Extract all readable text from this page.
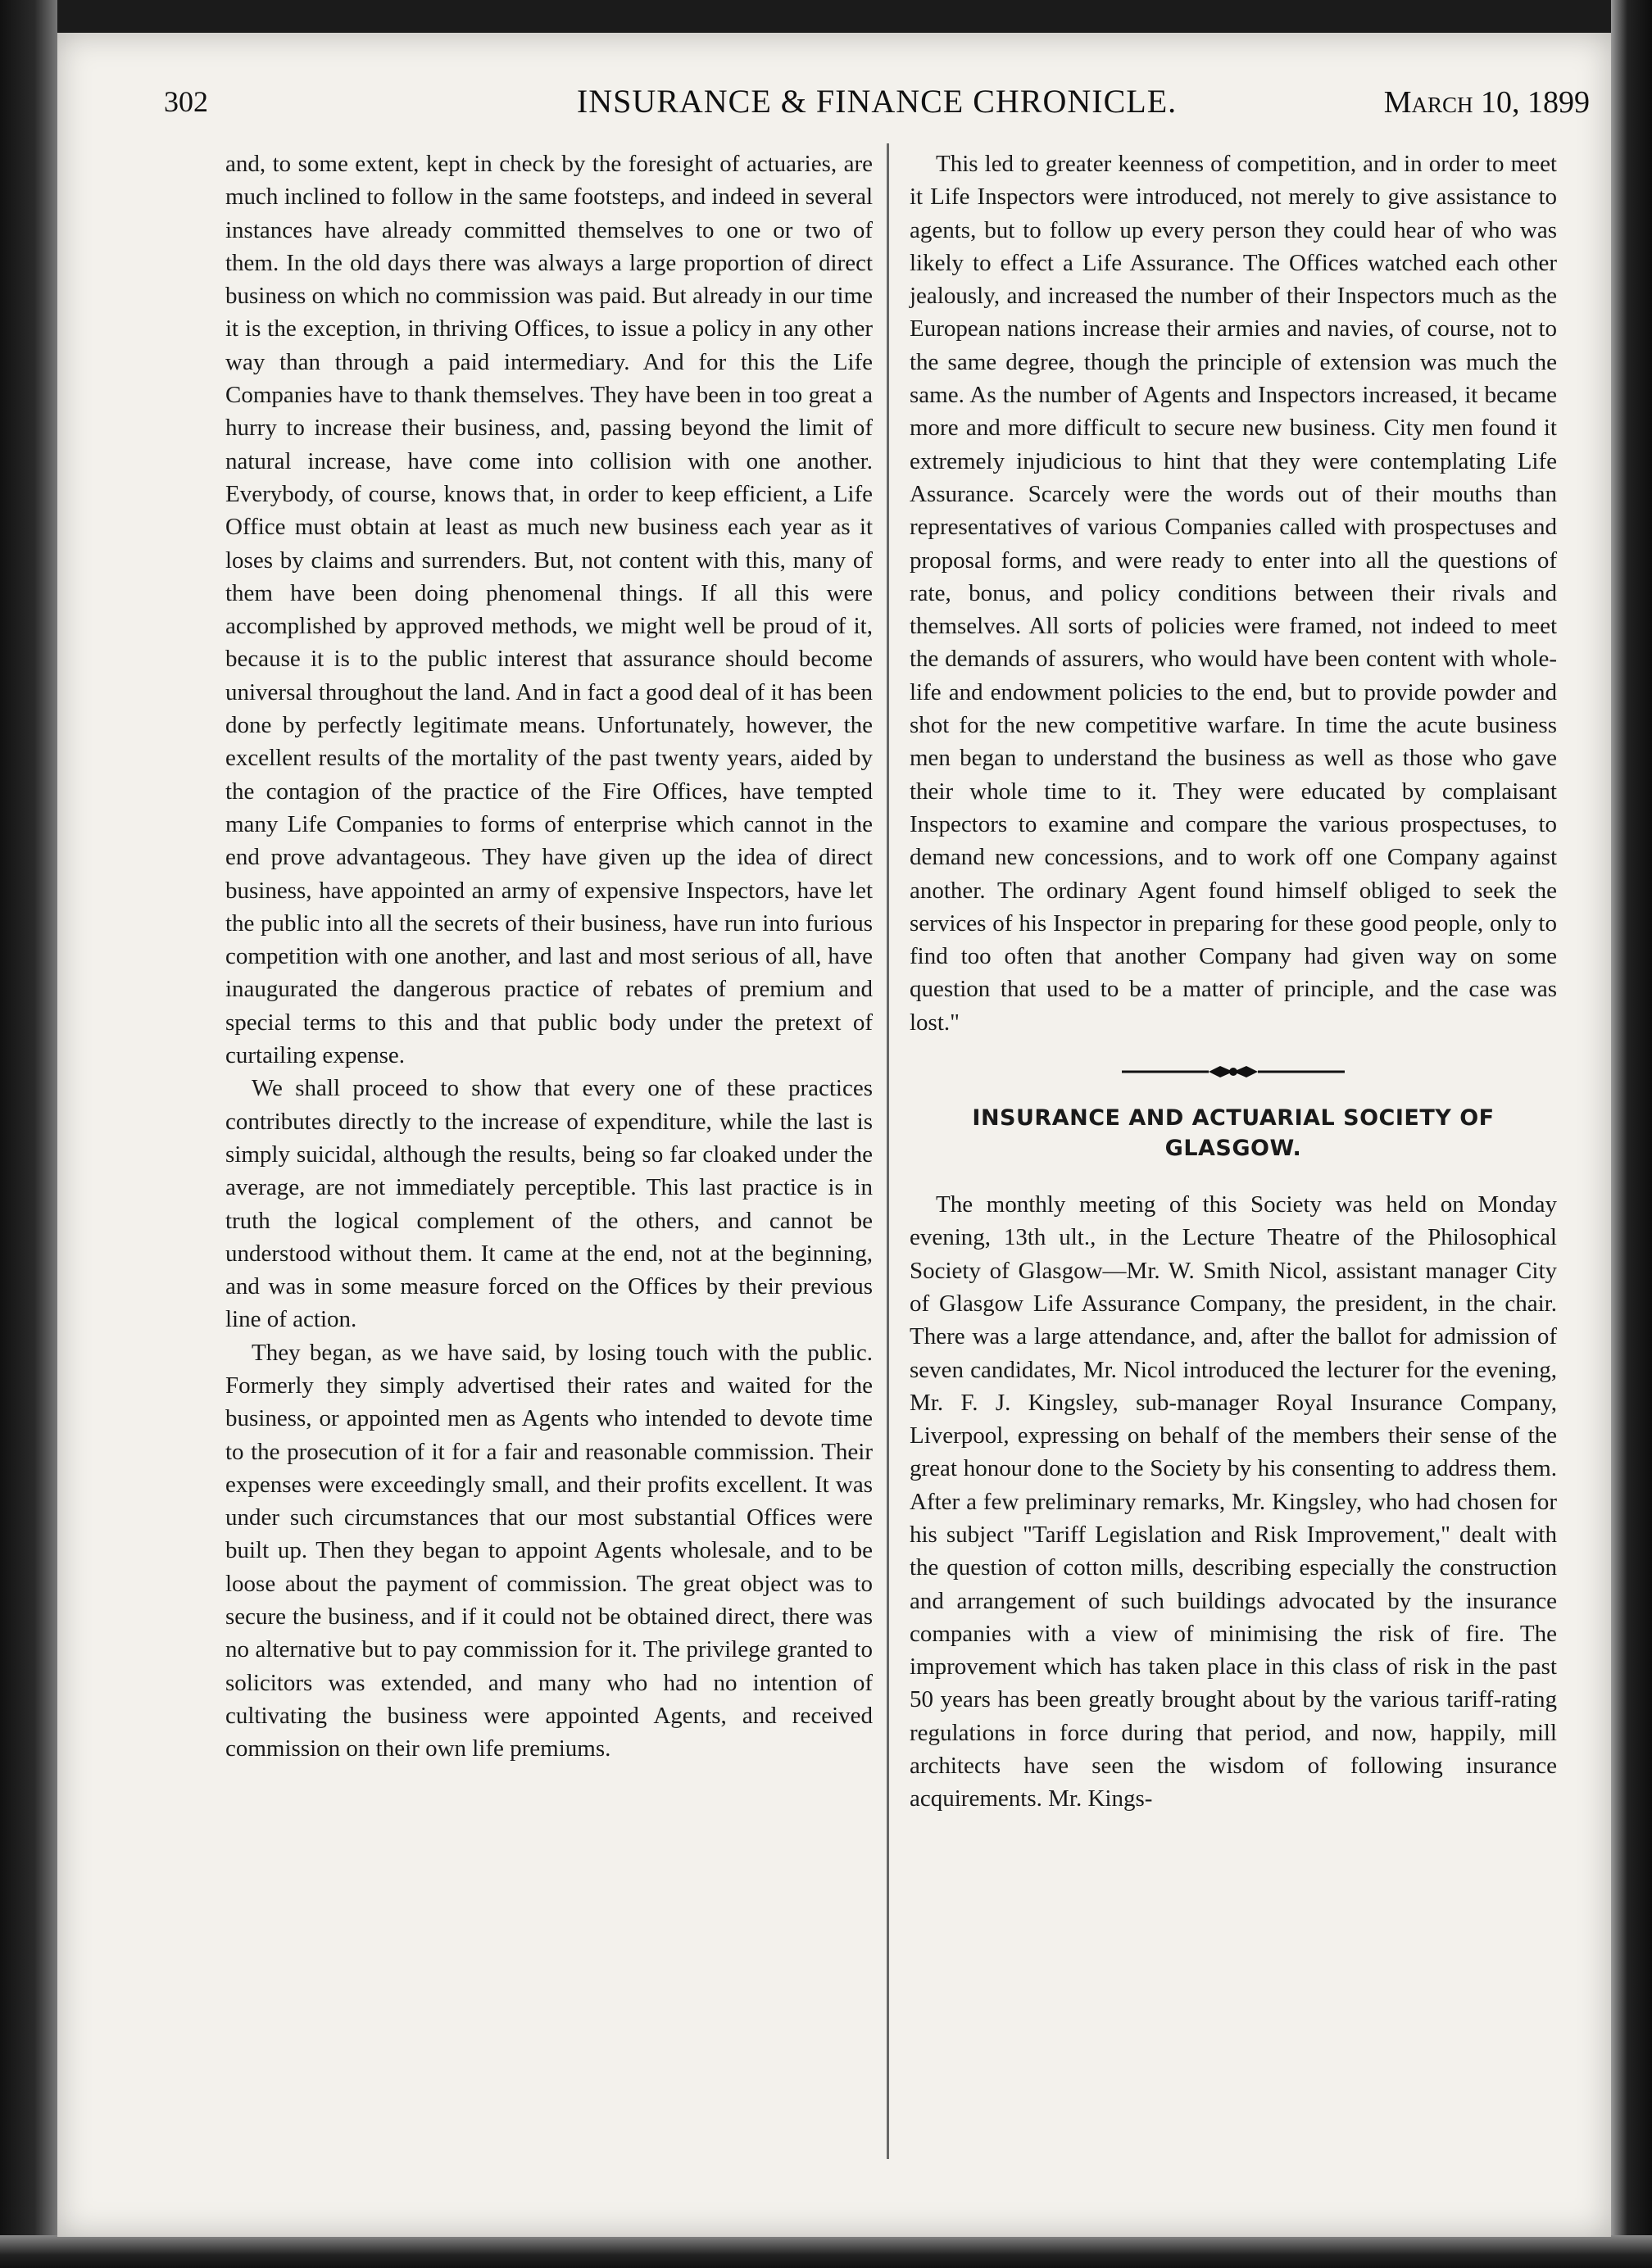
302	INSURANCE & FINANCE CHRONICLE.	March 10, 1899

and, to some extent, kept in check by the foresight of actuaries, are much inclined to follow in the same footsteps, and indeed in several instances have already committed themselves to one or two of them. In the old days there was always a large proportion of direct business on which no commission was paid. But already in our time it is the exception, in thriving Offices, to issue a policy in any other way than through a paid intermediary. And for this the Life Companies have to thank themselves. They have been in too great a hurry to increase their business, and, passing beyond the limit of natural increase, have come into collision with one another. Everybody, of course, knows that, in order to keep efficient, a Life Office must obtain at least as much new business each year as it loses by claims and surrenders. But, not content with this, many of them have been doing phenomenal things. If all this were accomplished by approved methods, we might well be proud of it, because it is to the public interest that assurance should become universal throughout the land. And in fact a good deal of it has been done by perfectly legitimate means. Unfortunately, however, the excellent results of the mortality of the past twenty years, aided by the contagion of the practice of the Fire Offices, have tempted many Life Companies to forms of enterprise which cannot in the end prove advantageous. They have given up the idea of direct business, have appointed an army of expensive Inspectors, have let the public into all the secrets of their business, have run into furious competition with one another, and last and most serious of all, have inaugurated the dangerous practice of rebates of premium and special terms to this and that public body under the pretext of curtailing expense.

We shall proceed to show that every one of these practices contributes directly to the increase of expenditure, while the last is simply suicidal, although the results, being so far cloaked under the average, are not immediately perceptible. This last practice is in truth the logical complement of the others, and cannot be understood without them. It came at the end, not at the beginning, and was in some measure forced on the Offices by their previous line of action.

They began, as we have said, by losing touch with the public. Formerly they simply advertised their rates and waited for the business, or appointed men as Agents who intended to devote time to the prosecution of it for a fair and reasonable commission. Their expenses were exceedingly small, and their profits excellent. It was under such circumstances that our most substantial Offices were built up. Then they began to appoint Agents wholesale, and to be loose about the payment of commission. The great object was to secure the business, and if it could not be obtained direct, there was no alternative but to pay commission for it. The privilege granted to solicitors was extended, and many who had no intention of cultivating the business were appointed Agents, and received commission on their own life premiums.

This led to greater keenness of competition, and in order to meet it Life Inspectors were introduced, not merely to give assistance to agents, but to follow up every person they could hear of who was likely to effect a Life Assurance. The Offices watched each other jealously, and increased the number of their Inspectors much as the European nations increase their armies and navies, of course, not to the same degree, though the principle of extension was much the same. As the number of Agents and Inspectors increased, it became more and more difficult to secure new business. City men found it extremely injudicious to hint that they were contemplating Life Assurance. Scarcely were the words out of their mouths than representatives of various Companies called with prospectuses and proposal forms, and were ready to enter into all the questions of rate, bonus, and policy conditions between their rivals and themselves. All sorts of policies were framed, not indeed to meet the demands of assurers, who would have been content with whole-life and endowment policies to the end, but to provide powder and shot for the new competitive warfare. In time the acute business men began to understand the business as well as those who gave their whole time to it. They were educated by complaisant Inspectors to examine and compare the various prospectuses, to demand new concessions, and to work off one Company against another. The ordinary Agent found himself obliged to seek the services of his Inspector in preparing for these good people, only to find too often that another Company had given way on some question that used to be a matter of principle, and the case was lost."

INSURANCE AND ACTUARIAL SOCIETY OF GLASGOW.

The monthly meeting of this Society was held on Monday evening, 13th ult., in the Lecture Theatre of the Philosophical Society of Glasgow—Mr. W. Smith Nicol, assistant manager City of Glasgow Life Assurance Company, the president, in the chair. There was a large attendance, and, after the ballot for admission of seven candidates, Mr. Nicol introduced the lecturer for the evening, Mr. F. J. Kingsley, sub-manager Royal Insurance Company, Liverpool, expressing on behalf of the members their sense of the great honour done to the Society by his consenting to address them. After a few preliminary remarks, Mr. Kingsley, who had chosen for his subject "Tariff Legislation and Risk Improvement," dealt with the question of cotton mills, describing especially the construction and arrangement of such buildings advocated by the insurance companies with a view of minimising the risk of fire. The improvement which has taken place in this class of risk in the past 50 years has been greatly brought about by the various tariff-rating regulations in force during that period, and now, happily, mill architects have seen the wisdom of following insurance acquirements. Mr. Kings-
